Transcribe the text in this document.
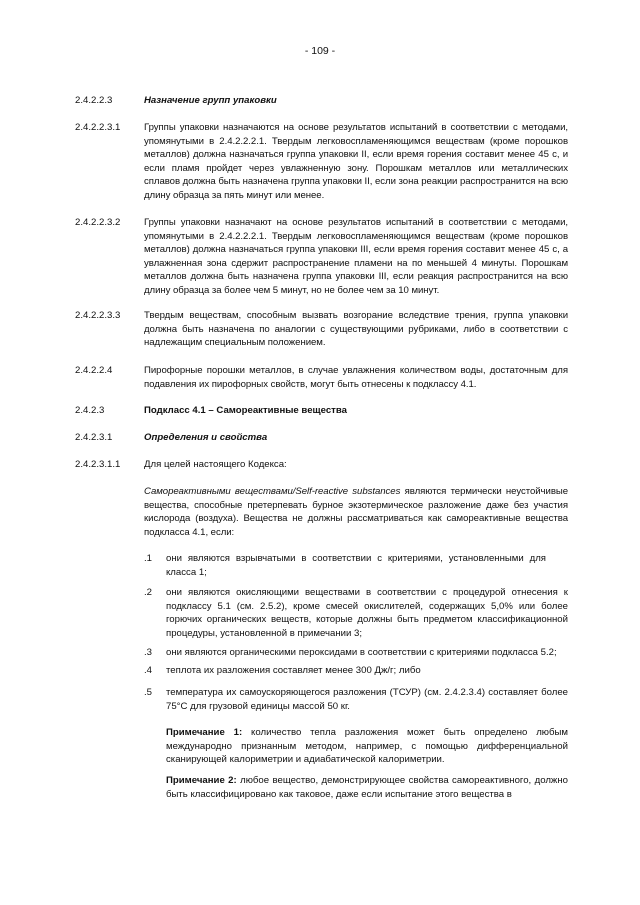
- 109 -
2.4.2.2.3	Назначение групп упаковки
2.4.2.2.3.1 Группы упаковки назначаются на основе результатов испытаний в соответствии с методами, упомянутыми в 2.4.2.2.2.1. Твердым легковоспламеняющимся веществам (кроме порошков металлов) должна назначаться группа упаковки II, если время горения составит менее 45 с, и если пламя пройдет через увлажненную зону. Порошкам металлов или металлических сплавов должна быть назначена группа упаковки II, если зона реакции распространится на всю длину образца за пять минут или менее.
2.4.2.2.3.2 Группы упаковки назначают на основе результатов испытаний в соответствии с методами, упомянутыми в 2.4.2.2.2.1. Твердым легковоспламеняющимся веществам (кроме порошков металлов) должна назначаться группа упаковки III, если время горения составит менее 45 с, а увлажненная зона сдержит распространение пламени на по меньшей 4 минуты. Порошкам металлов должна быть назначена группа упаковки III, если реакция распространится на всю длину образца за более чем 5 минут, но не более чем за 10 минут.
2.4.2.2.3.3 Твердым веществам, способным вызвать возгорание вследствие трения, группа упаковки должна быть назначена по аналогии с существующими рубриками, либо в соответствии с надлежащим специальным положением.
2.4.2.2.4	Пирофорные порошки металлов, в случае увлажнения количеством воды, достаточным для подавления их пирофорных свойств, могут быть отнесены к подклассу 4.1.
2.4.2.3	Подкласс 4.1 – Самореактивные вещества
2.4.2.3.1	Определения и свойства
2.4.2.3.1.1 Для целей настоящего Кодекса:
Самореактивными веществами/Self-reactive substances являются термически неустойчивые вещества, способные претерпевать бурное экзотермическое разложение даже без участия кислорода (воздуха). Вещества не должны рассматриваться как самореактивные вещества подкласса 4.1, если:
.1 они являются взрывчатыми в соответствии с критериями, установленными для класса 1;
.2 они являются окисляющими веществами в соответствии с процедурой отнесения к подклассу 5.1 (см. 2.5.2), кроме смесей окислителей, содержащих 5,0% или более горючих органических веществ, которые должны быть предметом классификационной процедуры, установленной в примечании 3;
.3 они являются органическими пероксидами в соответствии с критериями подкласса 5.2;
.4 теплота их разложения составляет менее 300 Дж/г; либо
.5 температура их самоускоряющегося разложения (ТСУР) (см. 2.4.2.3.4) составляет более 75°С для грузовой единицы массой 50 кг.
Примечание 1: количество тепла разложения может быть определено любым международно признанным методом, например, с помощью дифференциальной сканирующей калориметрии и адиабатической калориметрии.
Примечание 2: любое вещество, демонстрирующее свойства самореактивного, должно быть классифицировано как таковое, даже если испытание этого вещества в
